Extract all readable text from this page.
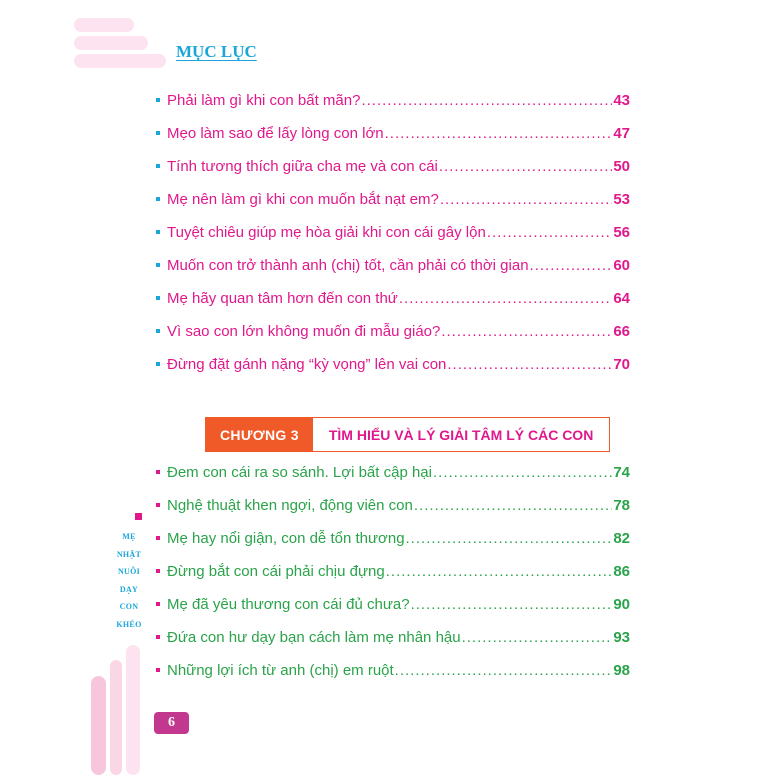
MỤC LỤC
Phải làm gì khi con bất mãn? .....	43
Mẹo làm sao để lấy lòng con lớn .....	47
Tính tương thích giữa cha mẹ và con cái .....	50
Mẹ nên làm gì khi con muốn bắt nạt em? .....	53
Tuyệt chiêu giúp mẹ hòa giải khi con cái gây lộn .....	56
Muốn con trở thành anh (chị) tốt, cần phải có thời gian .....	60
Mẹ hãy quan tâm hơn đến con thứ .....	64
Vì sao con lớn không muốn đi mẫu giáo? .....	66
Đừng đặt gánh nặng “kỳ vọng” lên vai con .....	70
CHƯƠNG 3	TÌM HIỂU VÀ LÝ GIẢI TÂM LÝ CÁC CON
Đem con cái ra so sánh. Lợi bất cập hại .....	74
Nghệ thuật khen ngợi, động viên con .....	78
Mẹ hay nổi giận, con dễ tổn thương .....	82
Đừng bắt con cái phải chịu đựng .....	86
Mẹ đã yêu thương con cái đủ chưa? .....	90
Đứa con hư dạy bạn cách làm mẹ nhân hậu .....	93
Những lợi ích từ anh (chị) em ruột .....	98
MẸ
NHẬT
NUÔI
DẠY
CON
KHÉO
6
